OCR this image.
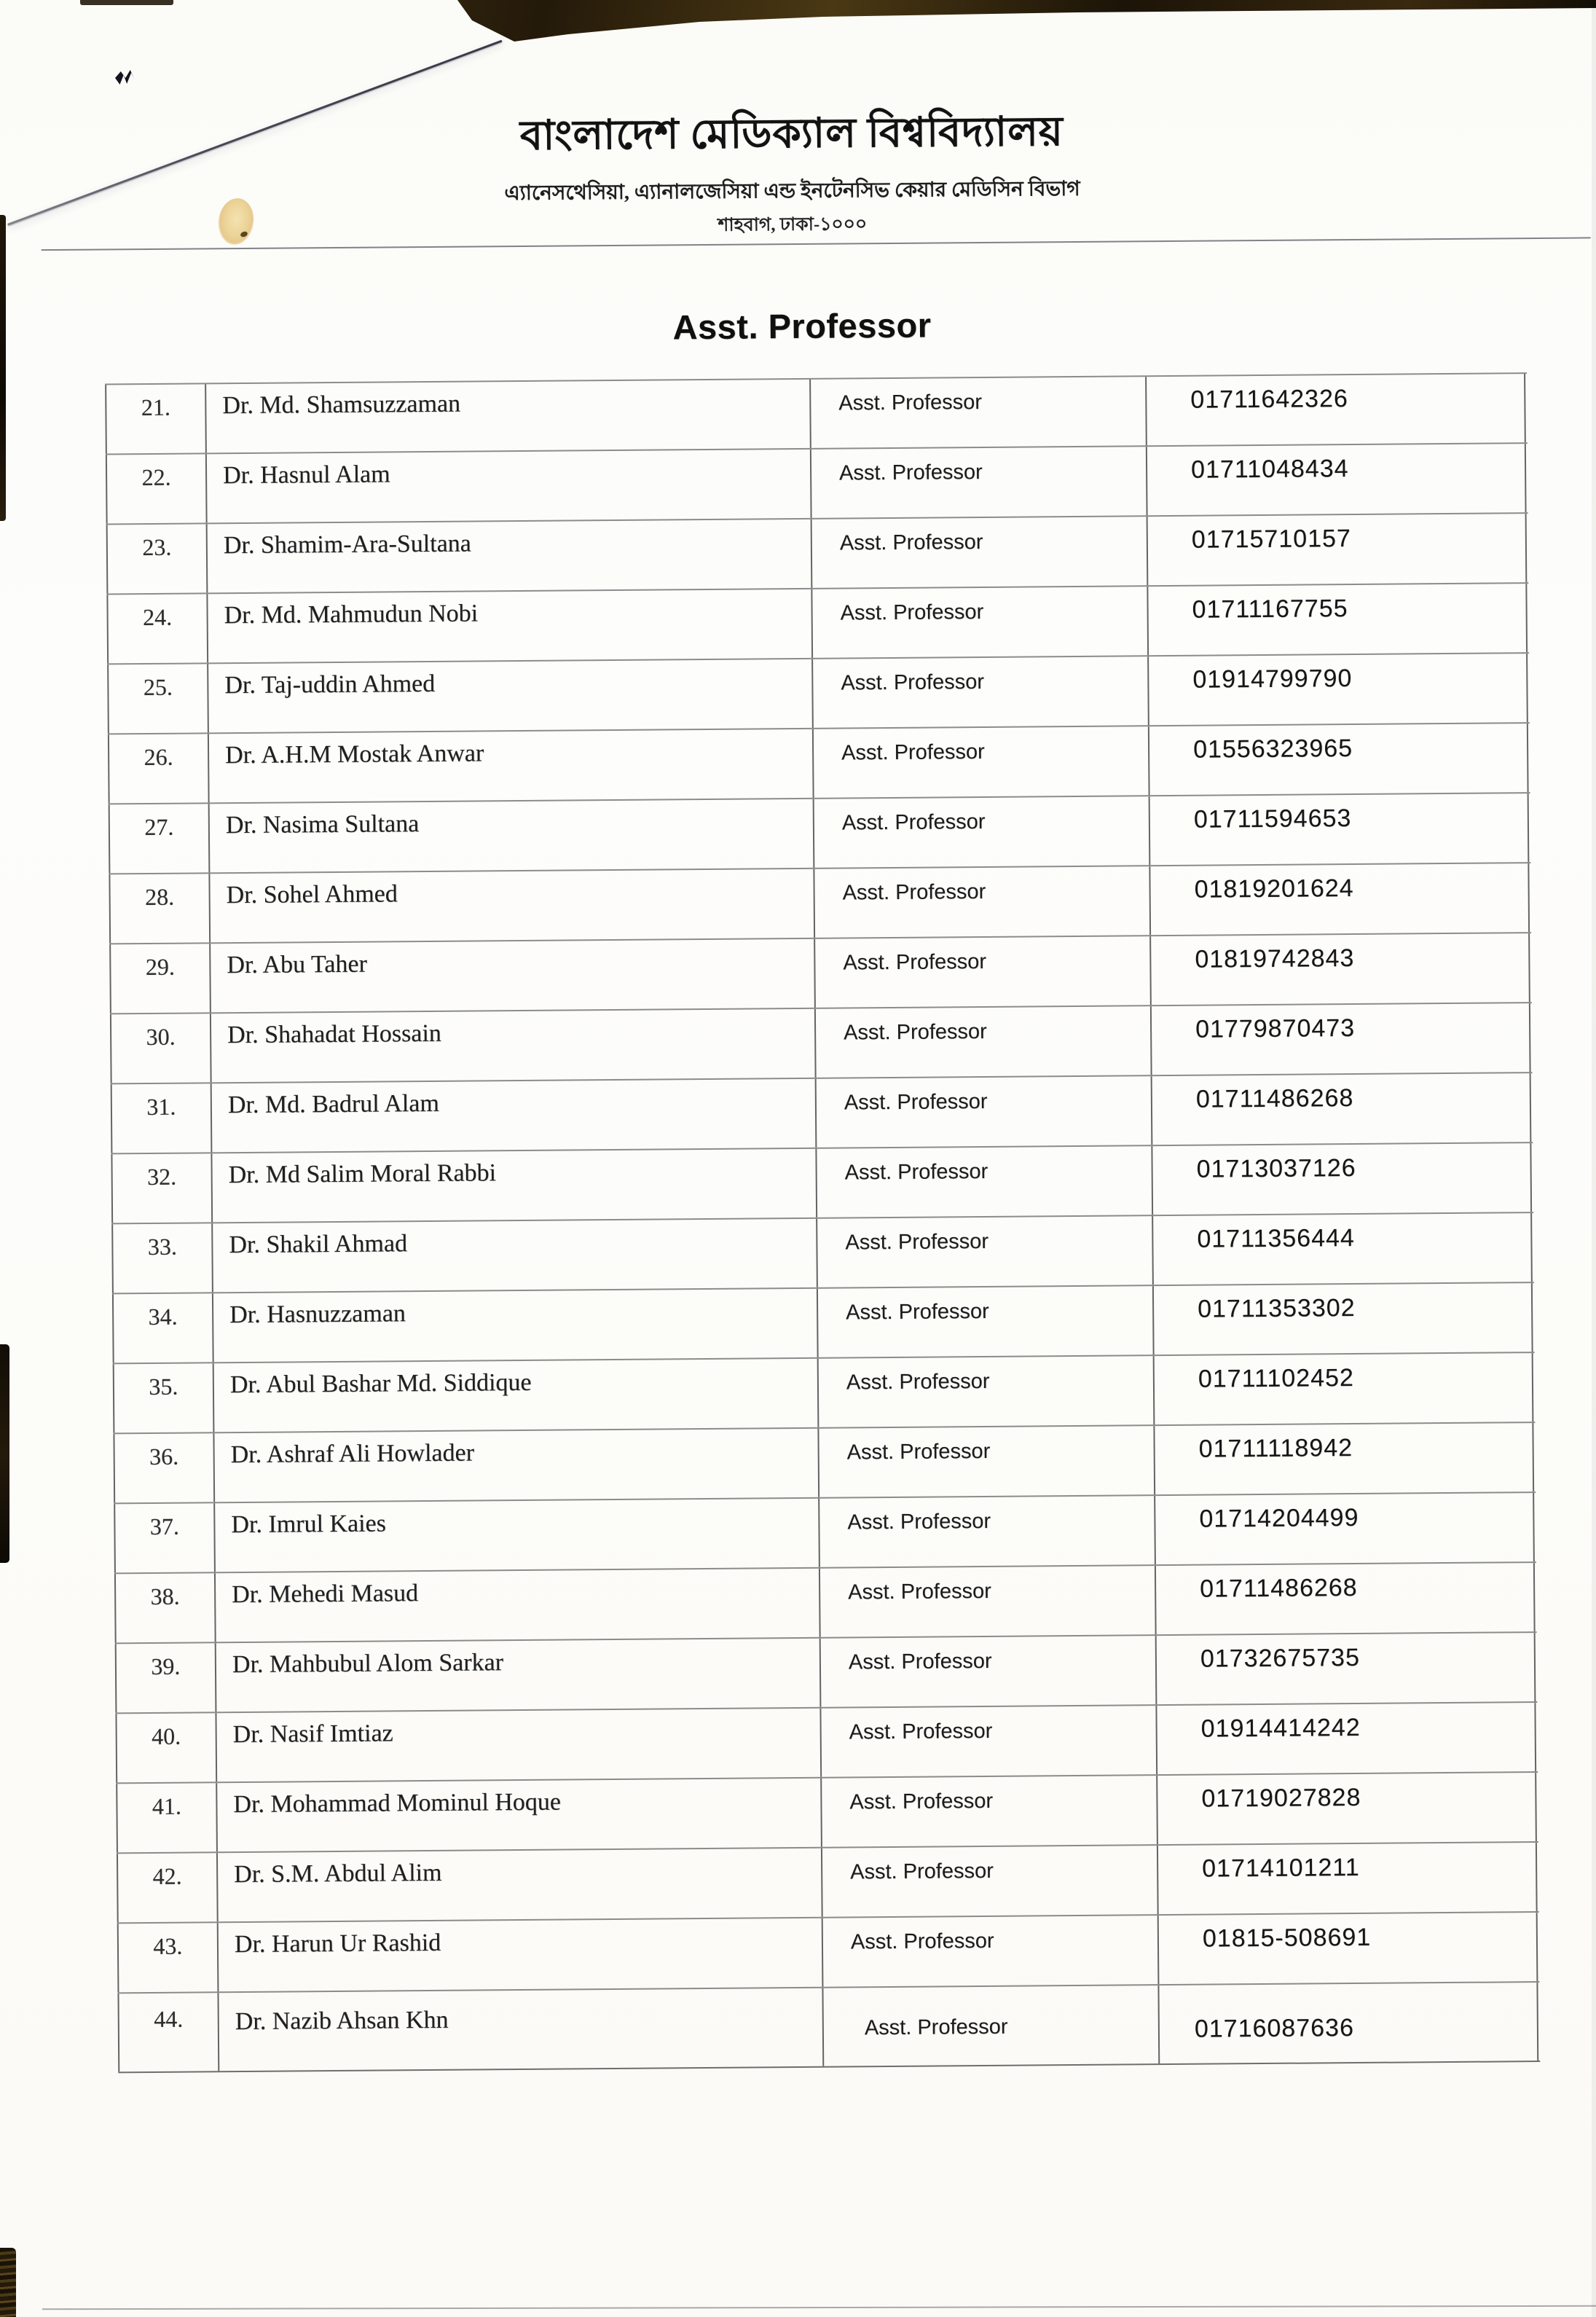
বাংলাদেশ মেডিক্যাল বিশ্ববিদ্যালয়
এ্যানেসথেসিয়া, এ্যানালজেসিয়া এন্ড ইনটেনসিভ কেয়ার মেডিসিন বিভাগ
শাহবাগ, ঢাকা-১০০০
Asst. Professor
21.	Dr. Md. Shamsuzzaman	Asst. Professor	01711642326
22.	Dr. Hasnul Alam	Asst. Professor	01711048434
23.	Dr. Shamim-Ara-Sultana	Asst. Professor	01715710157
24.	Dr. Md. Mahmudun Nobi	Asst. Professor	01711167755
25.	Dr. Taj-uddin Ahmed	Asst. Professor	01914799790
26.	Dr. A.H.M Mostak Anwar	Asst. Professor	01556323965
27.	Dr. Nasima Sultana	Asst. Professor	01711594653
28.	Dr. Sohel Ahmed	Asst. Professor	01819201624
29.	Dr. Abu Taher	Asst. Professor	01819742843
30.	Dr. Shahadat Hossain	Asst. Professor	01779870473
31.	Dr. Md. Badrul Alam	Asst. Professor	01711486268
32.	Dr. Md Salim Moral Rabbi	Asst. Professor	01713037126
33.	Dr. Shakil Ahmad	Asst. Professor	01711356444
34.	Dr. Hasnuzzaman	Asst. Professor	01711353302
35.	Dr. Abul Bashar Md. Siddique	Asst. Professor	01711102452
36.	Dr. Ashraf Ali Howlader	Asst. Professor	01711118942
37.	Dr. Imrul Kaies	Asst. Professor	01714204499
38.	Dr. Mehedi Masud	Asst. Professor	01711486268
39.	Dr. Mahbubul Alom Sarkar	Asst. Professor	01732675735
40.	Dr. Nasif Imtiaz	Asst. Professor	01914414242
41.	Dr. Mohammad Mominul Hoque	Asst. Professor	01719027828
42.	Dr. S.M. Abdul Alim	Asst. Professor	01714101211
43.	Dr. Harun Ur Rashid	Asst. Professor	01815-508691
44.	Dr. Nazib Ahsan Khn	Asst. Professor	01716087636
